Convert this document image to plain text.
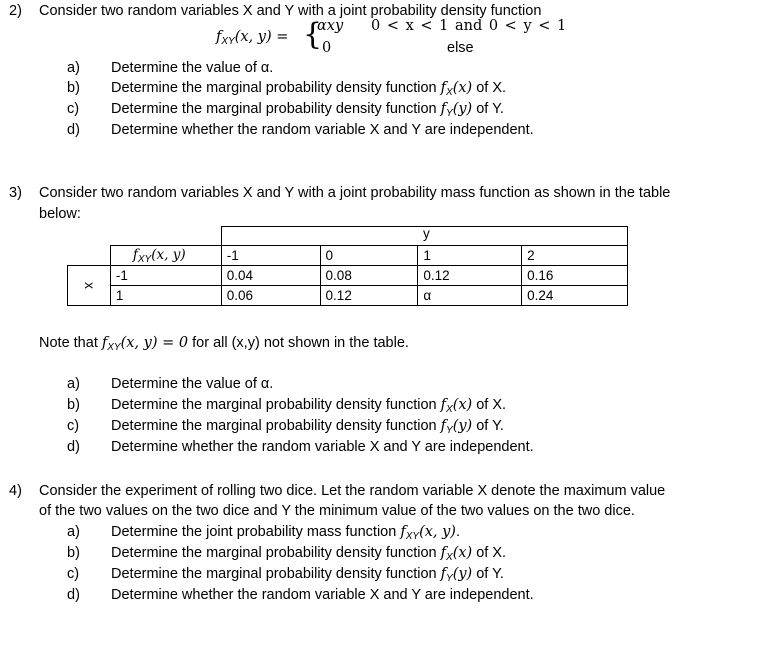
2) Consider two random variables X and Y with a joint probability density function
$f_{XY}(x$, y) = {
αxy 0 < x < 1 and 0 < y < 1
0	else
a) Determine the value of α.
b) Determine the marginal probability density function $f_X(x)$ of X.
c) Determine the marginal probability density function $f_Y(y)$ of Y.
d) Determine whether the random variable X and Y are independent.
3) Consider two random variables X and Y with a joint probability mass function as shown in the table
below:
y

	$f_{XY}(x$, y)	-1	0	1	2
x	-1	0.04	0.08	0.12	0.16
	1	0.06	0.12	α	0.24
Note that $f_{XY}(x$, y) = 0 for all (x,y) not shown in the table.
a) Determine the value of α.
b) Determine the marginal probability density function $f_X(x)$ of X.
c) Determine the marginal probability density function $f_Y(y)$ of Y.
d) Determine whether the random variable X and Y are independent.
4) Consider the experiment of rolling two dice. Let the random variable X denote the maximum value
of the two values on the two dice and Y the minimum value of the two values on the two dice.
a) Determine the joint probability mass function $f_{XY}(x$, y).
b) Determine the marginal probability density function $f_X(x)$ of X.
c) Determine the marginal probability density function $f_Y(y)$ of Y.
d) Determine whether the random variable X and Y are independent.
